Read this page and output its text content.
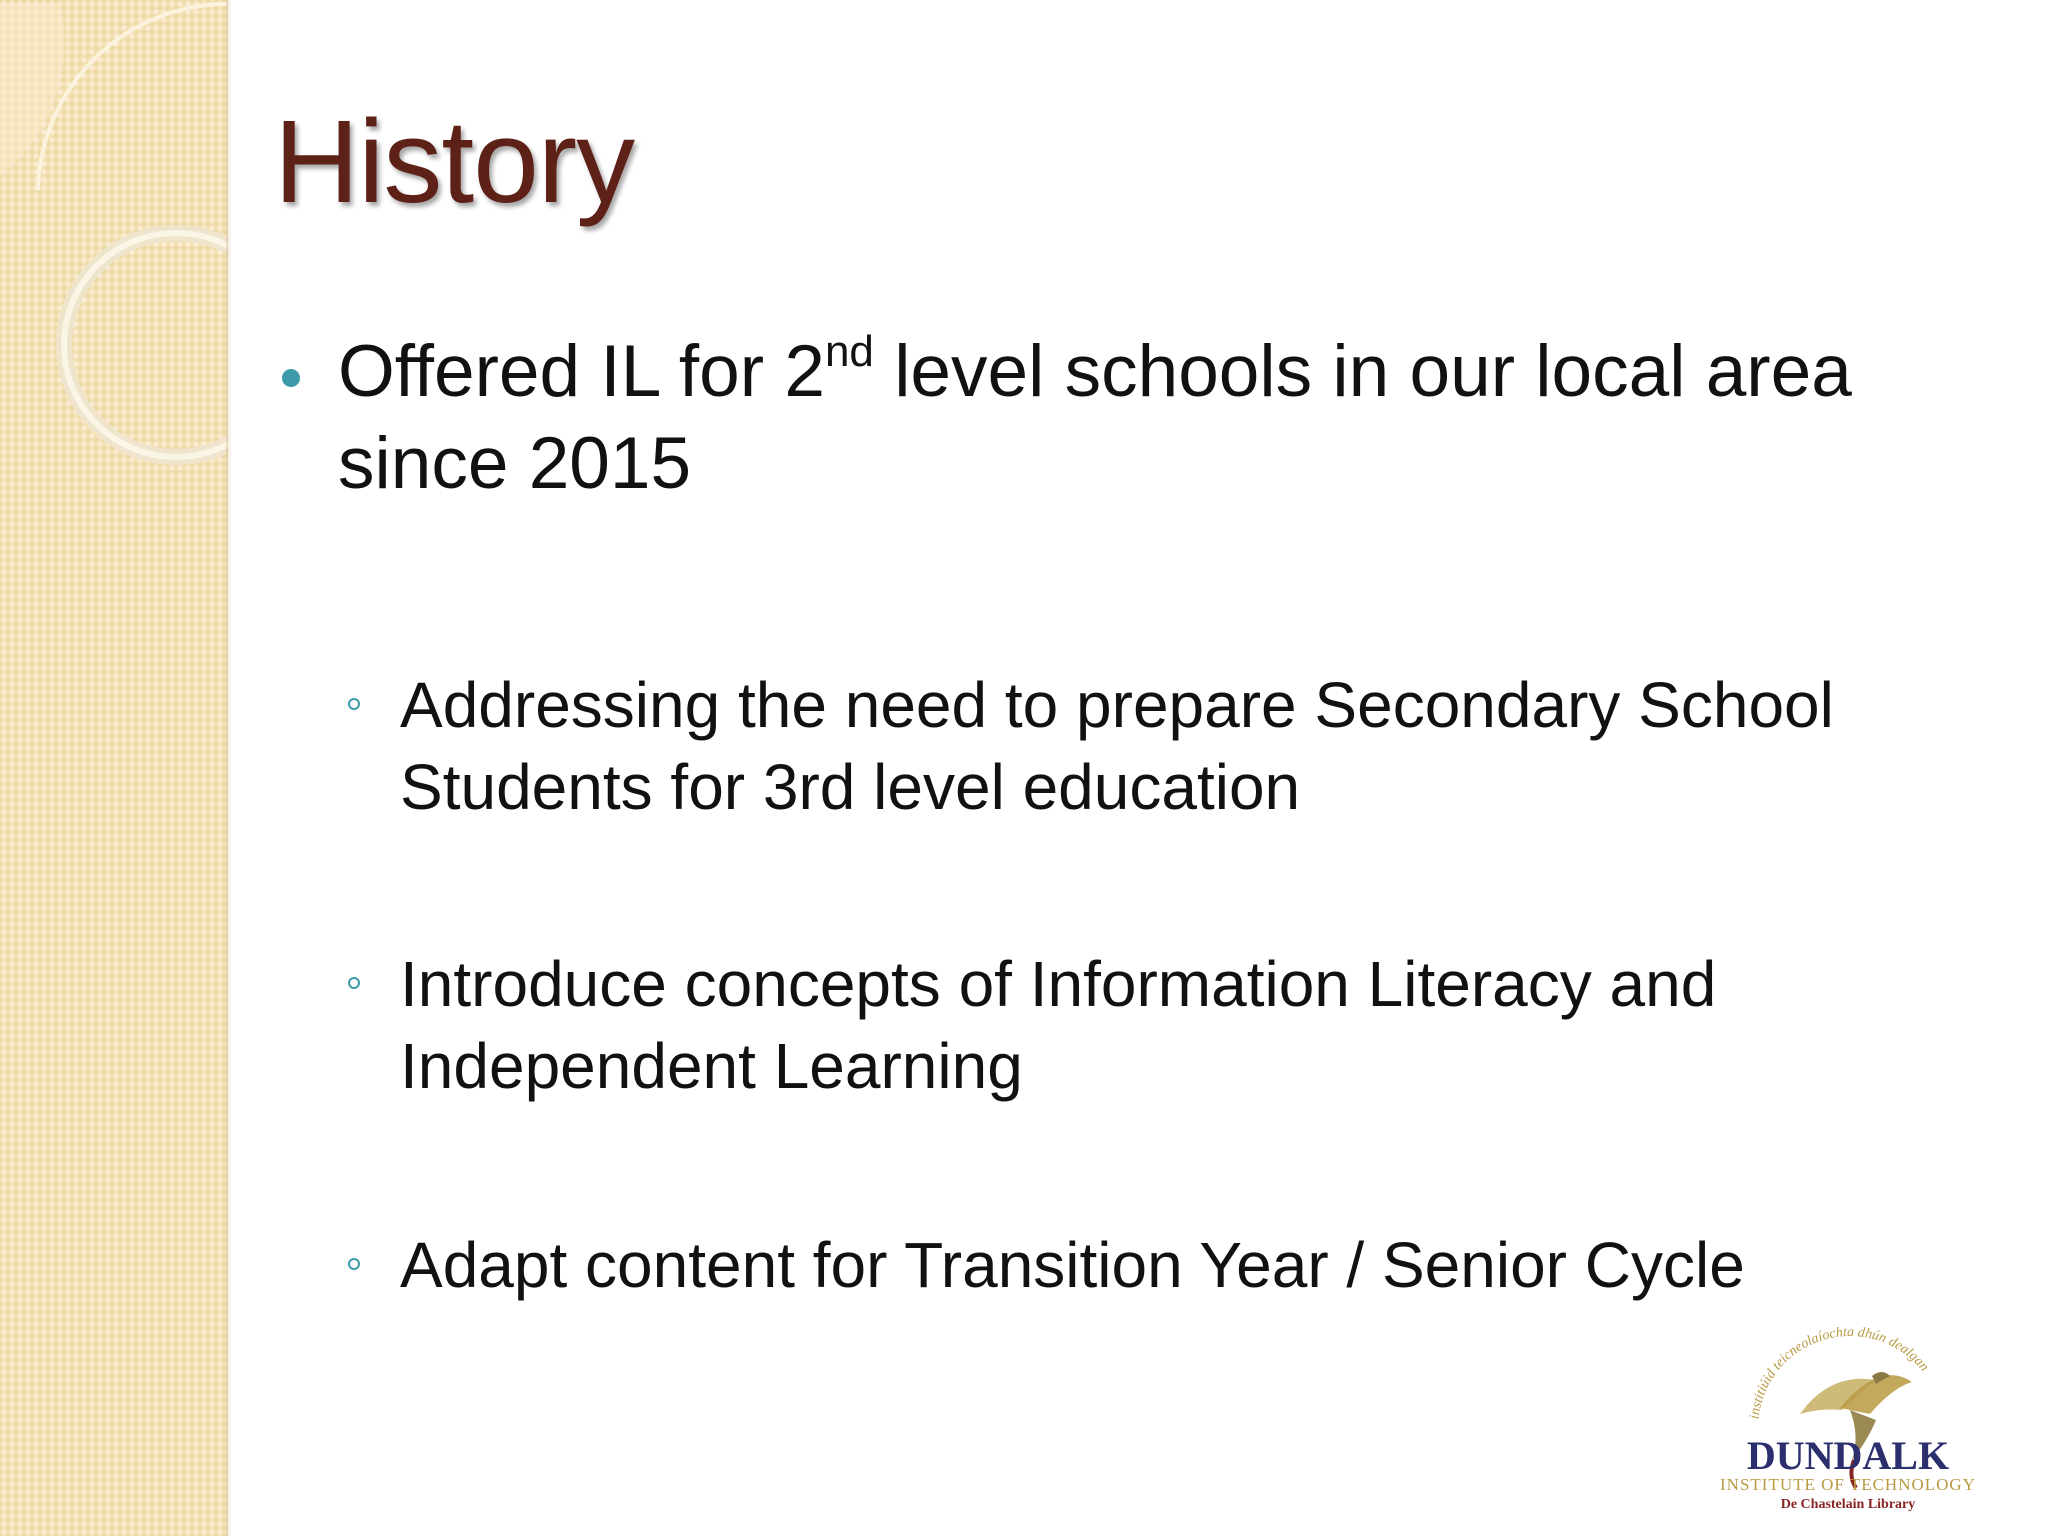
History
Offered IL for 2nd level schools in our local area since 2015
Addressing the need to prepare Secondary School Students for 3rd level education
Introduce concepts of Information Literacy and Independent Learning
Adapt content for Transition Year / Senior Cycle
institiúid teicneolaíochta dhún dealgan
DUNDALK
INSTITUTE OF TECHNOLOGY
De Chastelain Library
